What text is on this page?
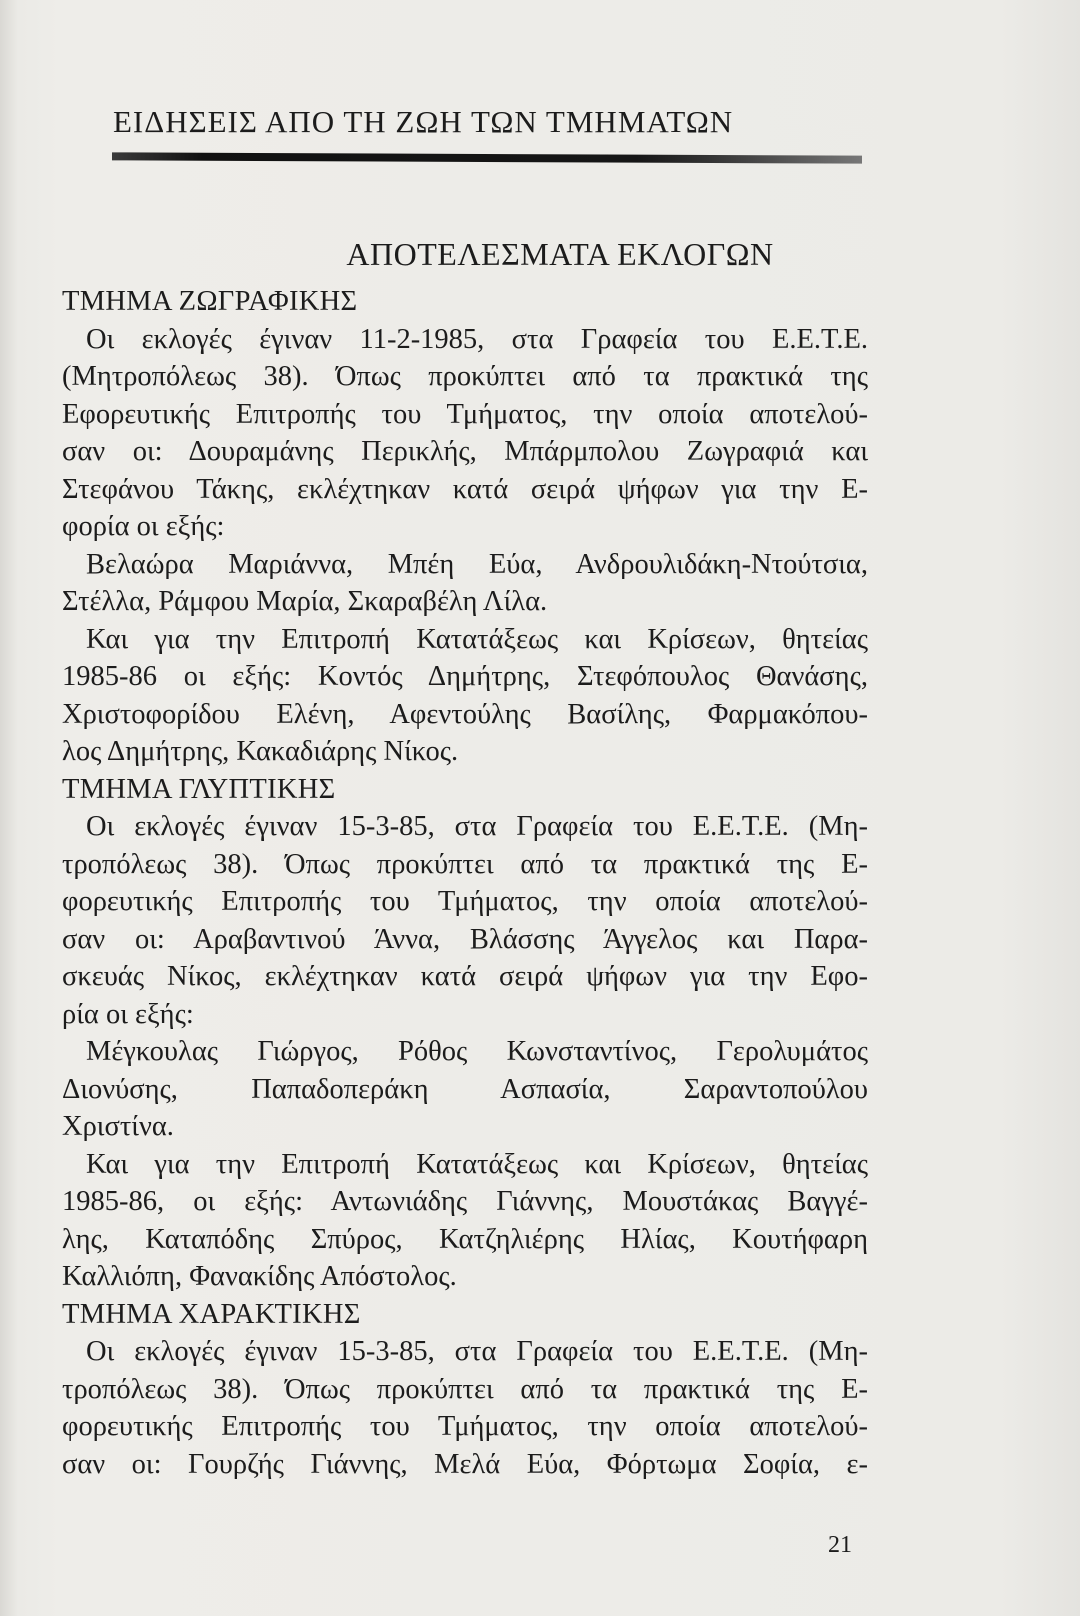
ΕΙΔΗΣΕΙΣ ΑΠΟ ΤΗ ΖΩΗ ΤΩΝ ΤΜΗΜΑΤΩΝ
ΑΠΟΤΕΛΕΣΜΑΤΑ ΕΚΛΟΓΩΝ
ΤΜΗΜΑ ΖΩΓΡΑΦΙΚΗΣ
Οι εκλογές έγιναν 11-2-1985, στα Γραφεία του Ε.Ε.Τ.Ε.
(Μητροπόλεως 38). Όπως προκύπτει από τα πρακτικά της
Εφορευτικής Επιτροπής του Τμήματος, την οποία αποτελού-
σαν οι: Δουραμάνης Περικλής, Μπάρμπολου Ζωγραφιά και
Στεφάνου Τάκης, εκλέχτηκαν κατά σειρά ψήφων για την Ε-
φορία οι εξής:
Βελαώρα Μαριάννα, Μπέη Εύα, Ανδρουλιδάκη-Ντούτσια,
Στέλλα, Ράμφου Μαρία, Σκαραβέλη Λίλα.
Και για την Επιτροπή Κατατάξεως και Κρίσεων, θητείας
1985-86 οι εξής: Κοντός Δημήτρης, Στεφόπουλος Θανάσης,
Χριστοφορίδου Ελένη, Αφεντούλης Βασίλης, Φαρμακόπου-
λος Δημήτρης, Κακαδιάρης Νίκος.
ΤΜΗΜΑ ΓΛΥΠΤΙΚΗΣ
Οι εκλογές έγιναν 15-3-85, στα Γραφεία του Ε.Ε.Τ.Ε. (Μη-
τροπόλεως 38). Όπως προκύπτει από τα πρακτικά της Ε-
φορευτικής Επιτροπής του Τμήματος, την οποία αποτελού-
σαν οι: Αραβαντινού Άννα, Βλάσσης Άγγελος και Παρα-
σκευάς Νίκος, εκλέχτηκαν κατά σειρά ψήφων για την Εφο-
ρία οι εξής:
Μέγκουλας Γιώργος, Ρόθος Κωνσταντίνος, Γερολυμάτος
Διονύσης, Παπαδοπεράκη Ασπασία, Σαραντοπούλου
Χριστίνα.
Και για την Επιτροπή Κατατάξεως και Κρίσεων, θητείας
1985-86, οι εξής: Αντωνιάδης Γιάννης, Μουστάκας Βαγγέ-
λης, Καταπόδης Σπύρος, Κατζηλιέρης Ηλίας, Κουτήφαρη
Καλλιόπη, Φανακίδης Απόστολος.
ΤΜΗΜΑ ΧΑΡΑΚΤΙΚΗΣ
Οι εκλογές έγιναν 15-3-85, στα Γραφεία του Ε.Ε.Τ.Ε. (Μη-
τροπόλεως 38). Όπως προκύπτει από τα πρακτικά της Ε-
φορευτικής Επιτροπής του Τμήματος, την οποία αποτελού-
σαν οι: Γουρζής Γιάννης, Μελά Εύα, Φόρτωμα Σοφία, ε-
21
